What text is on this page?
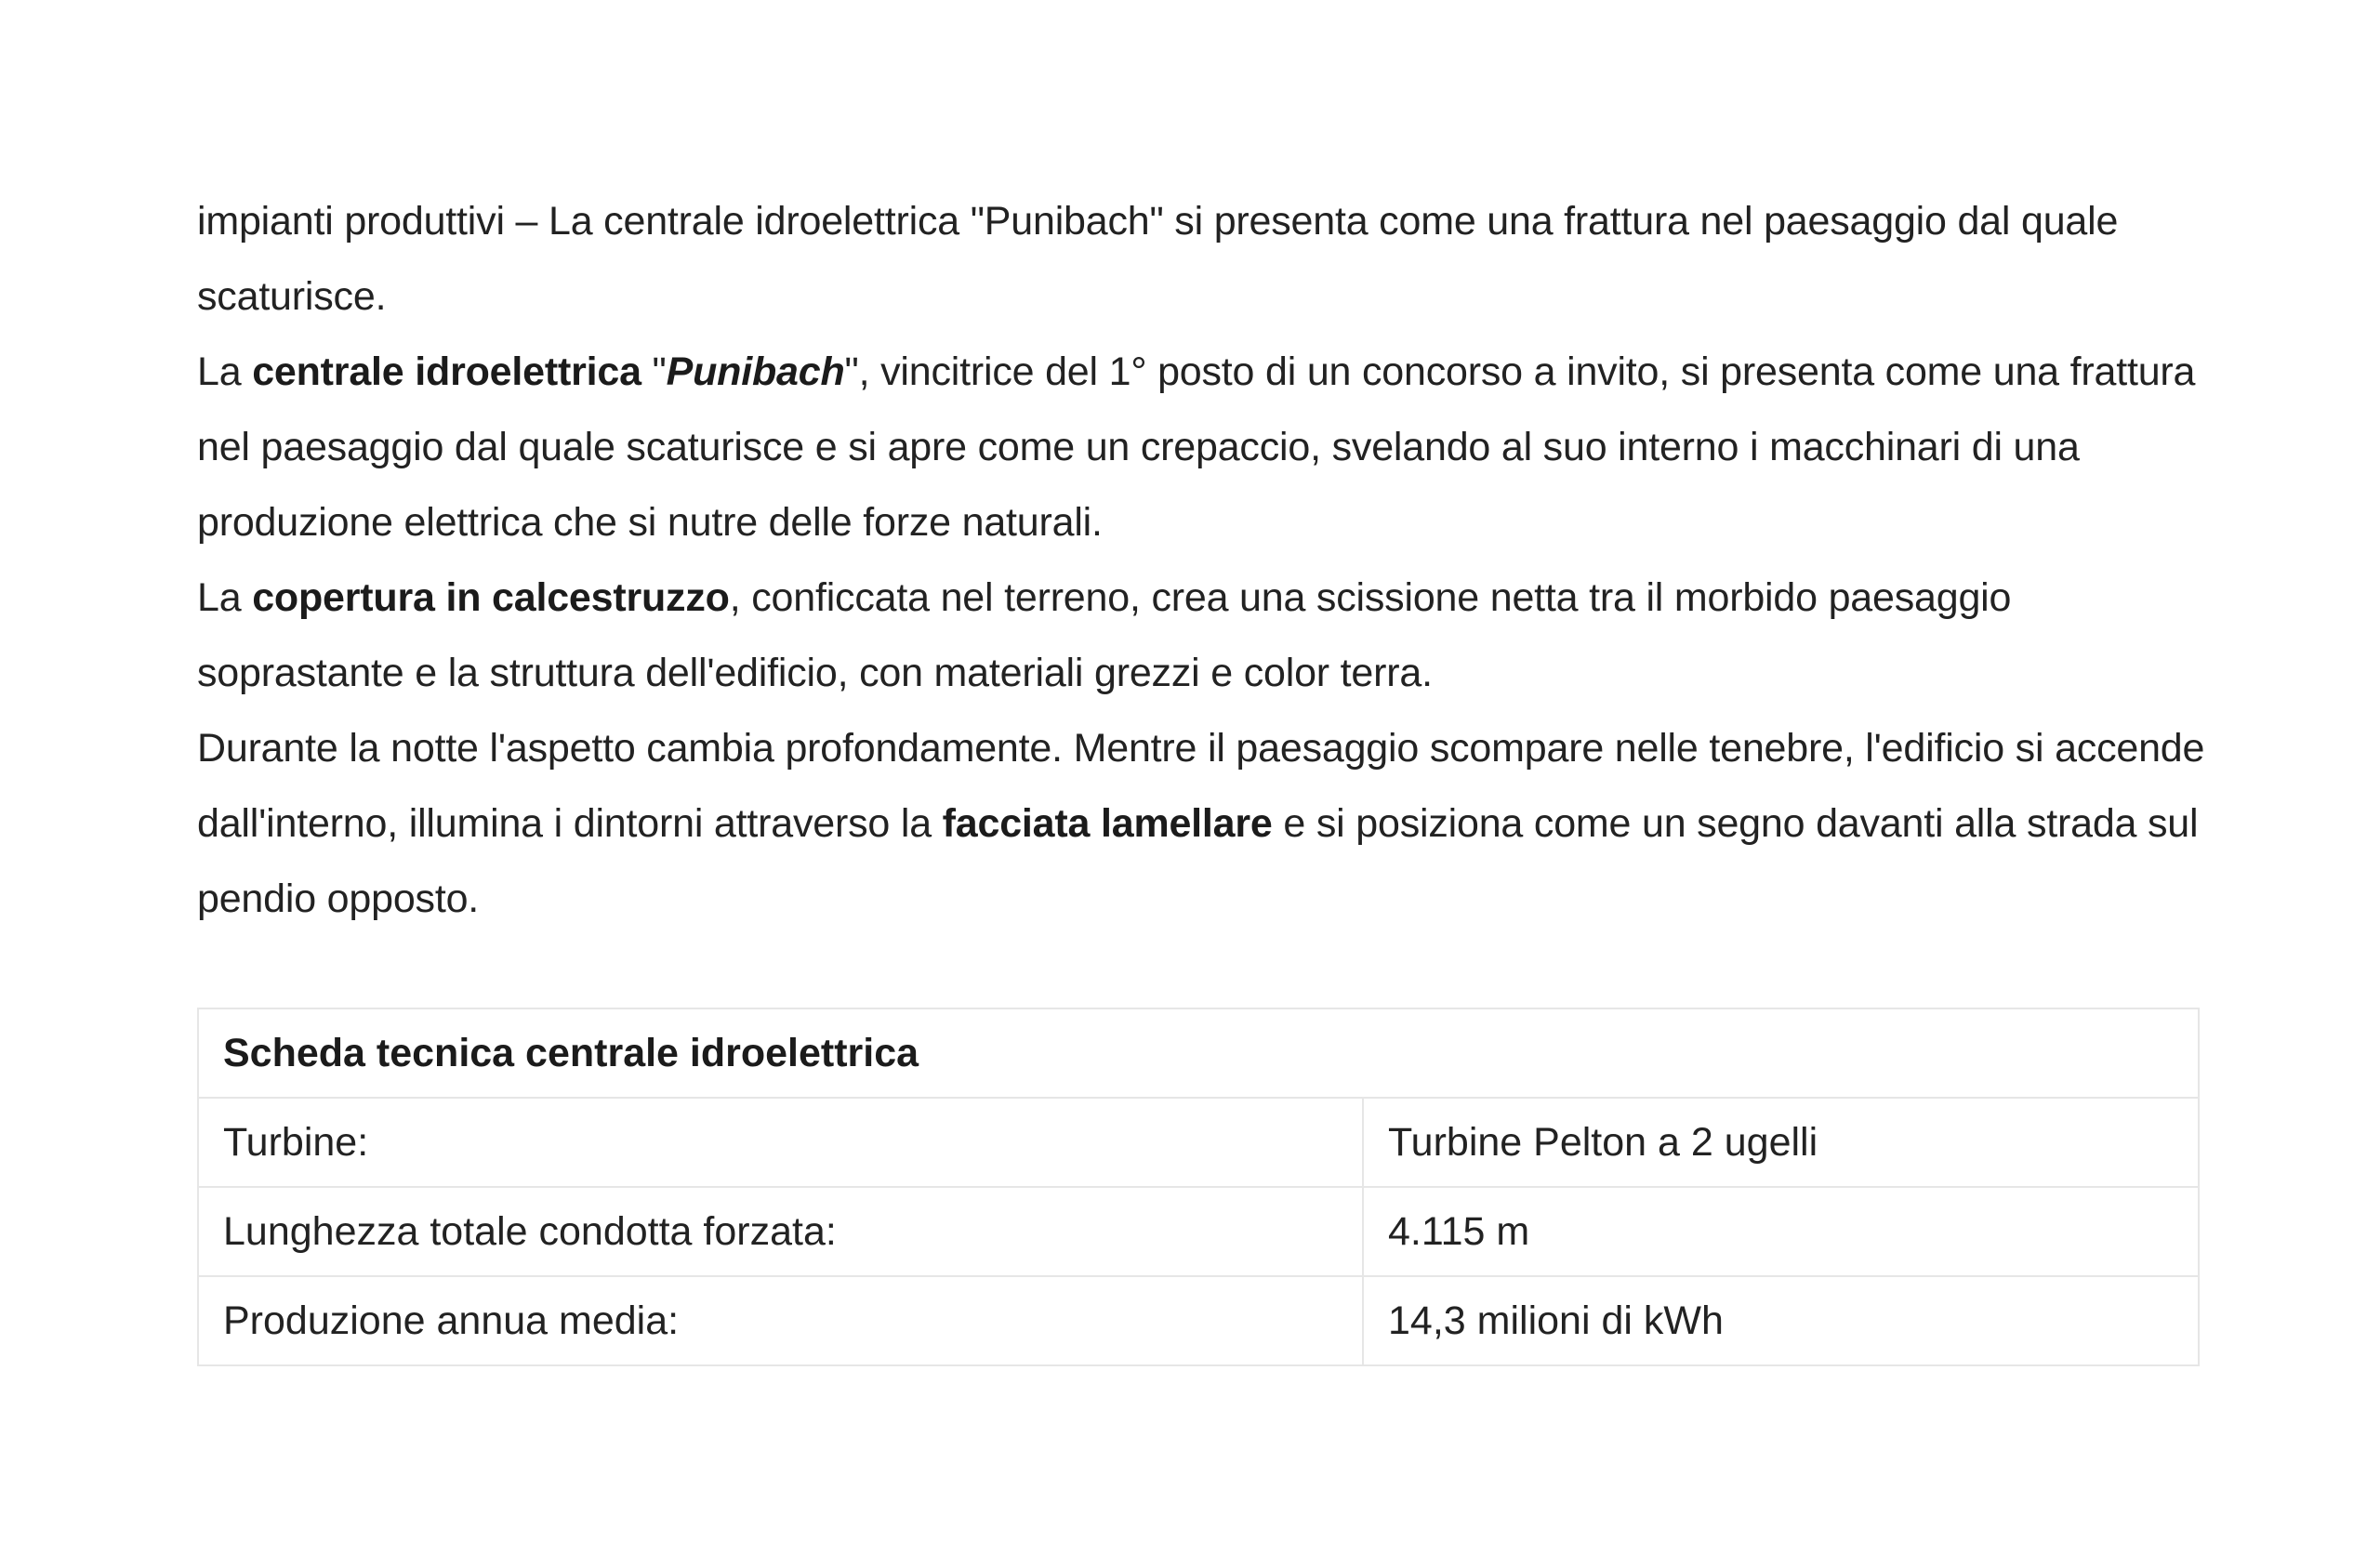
impianti produttivi – La centrale idroelettrica "Punibach" si presenta come una frattura nel paesaggio dal quale scaturisce.

La centrale idroelettrica "Punibach", vincitrice del 1° posto di un concorso a invito, si presenta come una frattura nel paesaggio dal quale scaturisce e si apre come un crepaccio, svelando al suo interno i macchinari di una produzione elettrica che si nutre delle forze naturali.

La copertura in calcestruzzo, conficcata nel terreno, crea una scissione netta tra il morbido paesaggio soprastante e la struttura dell'edificio, con materiali grezzi e color terra.

Durante la notte l'aspetto cambia profondamente. Mentre il paesaggio scompare nelle tenebre, l'edificio si accende dall'interno, illumina i dintorni attraverso la facciata lamellare e si posiziona come un segno davanti alla strada sul pendio opposto.

Scheda tecnica centrale idroelettrica	
Turbine:	Turbine Pelton a 2 ugelli
Lunghezza totale condotta forzata:	4.115 m
Produzione annua media:	14,3 milioni di kWh
